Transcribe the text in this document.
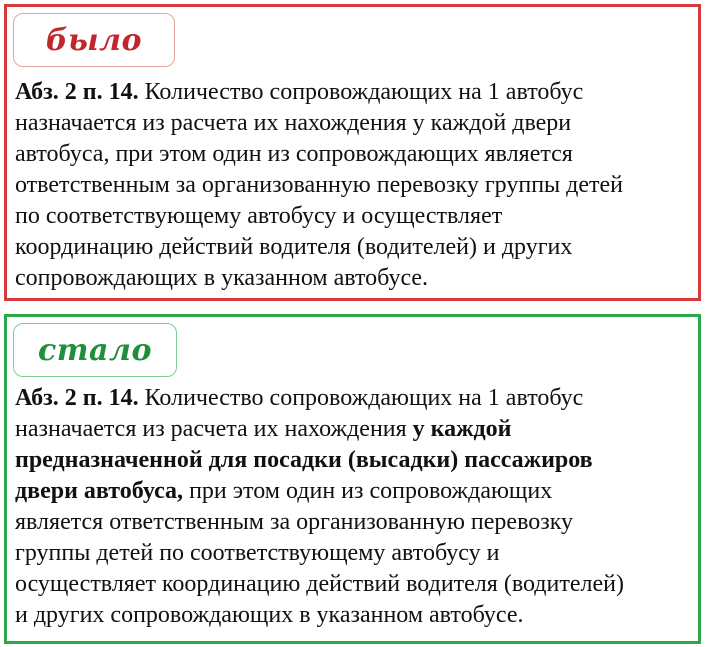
было
Абз. 2 п. 14. Количество сопровождающих на 1 автобус
назначается из расчета их нахождения у каждой двери
автобуса, при этом один из сопровождающих является
ответственным за организованную перевозку группы детей
по соответствующему автобусу и осуществляет
координацию действий водителя (водителей) и других
сопровождающих в указанном автобусе.
стало
Абз. 2 п. 14. Количество сопровождающих на 1 автобус
назначается из расчета их нахождения у каждой
предназначенной для посадки (высадки) пассажиров
двери автобуса, при этом один из сопровождающих
является ответственным за организованную перевозку
группы детей по соответствующему автобусу и
осуществляет координацию действий водителя (водителей)
и других сопровождающих в указанном автобусе.
